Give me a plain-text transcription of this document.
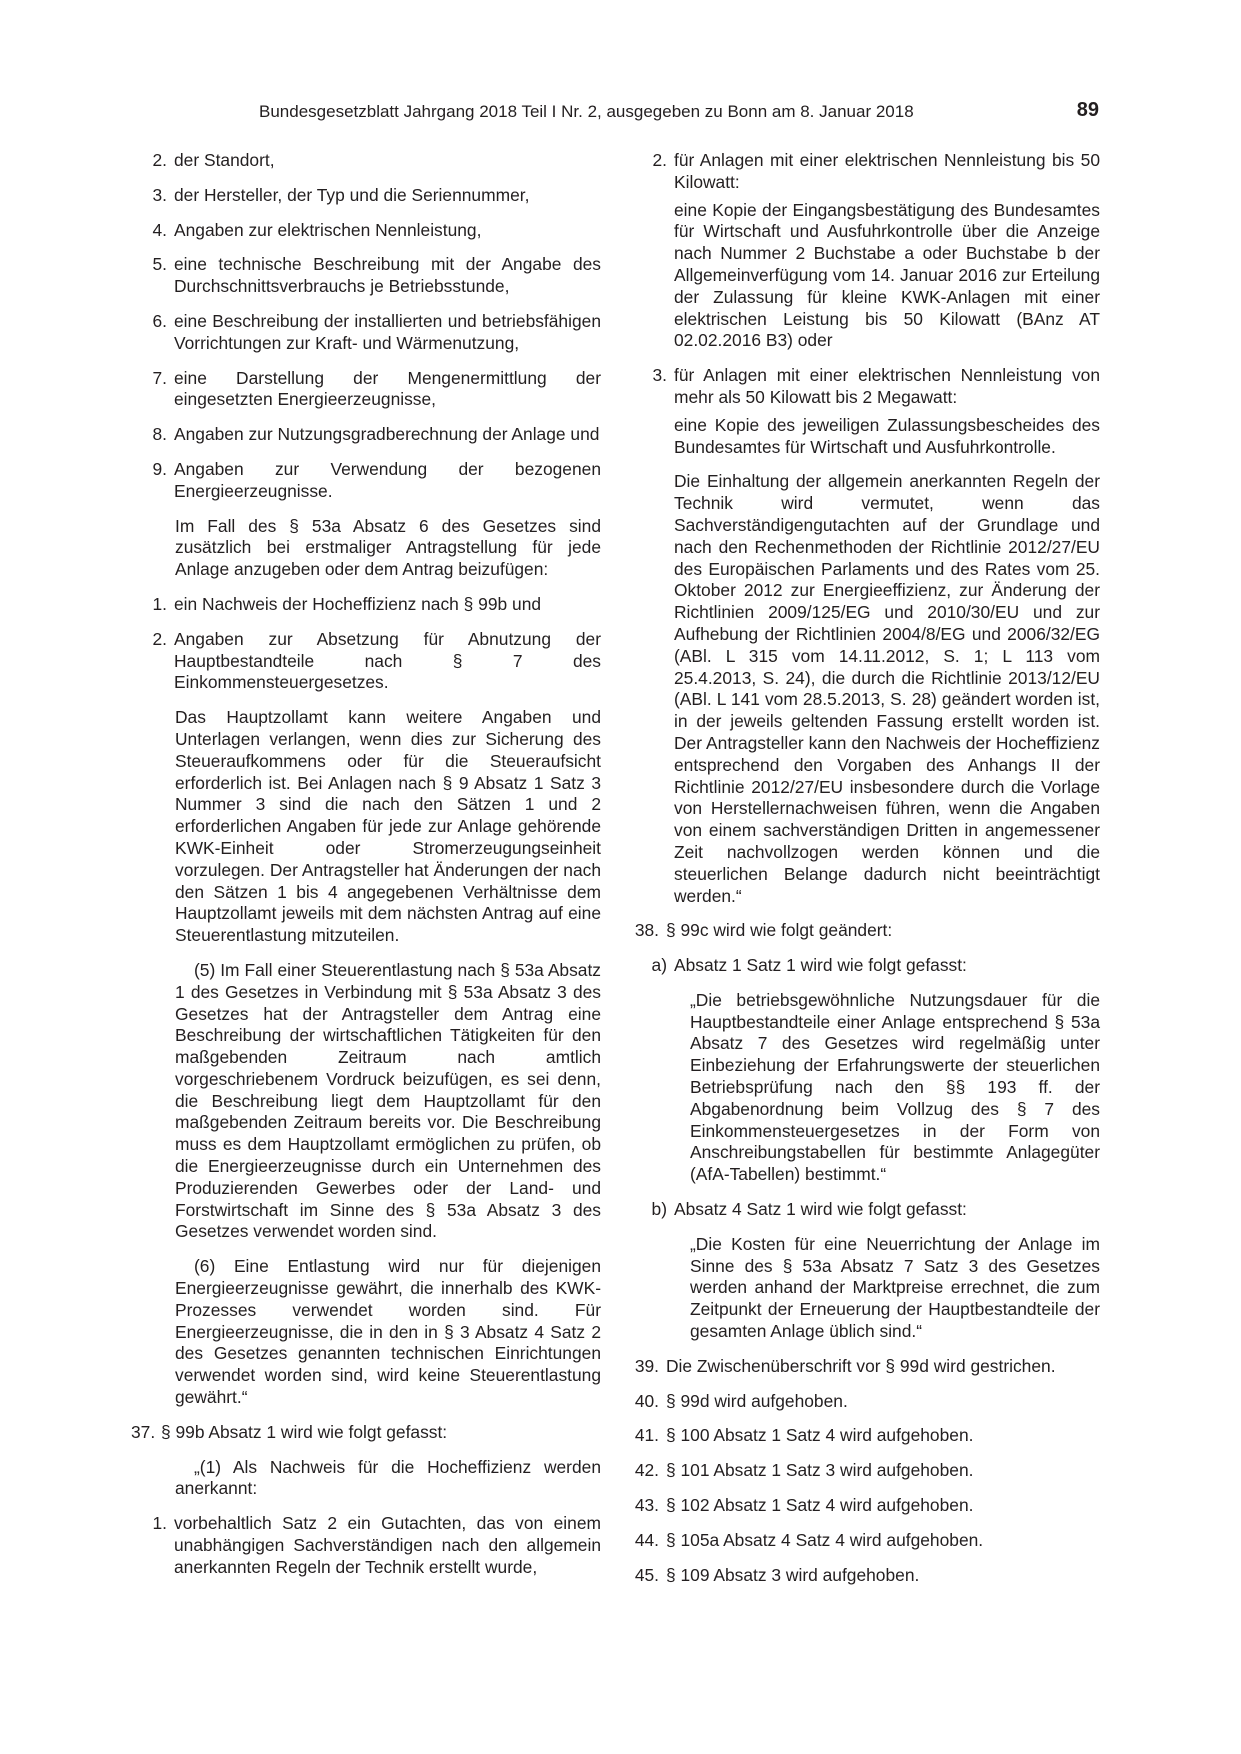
Bundesgesetzblatt Jahrgang 2018 Teil I Nr. 2, ausgegeben zu Bonn am 8. Januar 2018	89
2. der Standort,
3. der Hersteller, der Typ und die Seriennummer,
4. Angaben zur elektrischen Nennleistung,
5. eine technische Beschreibung mit der Angabe des Durchschnittsverbrauchs je Betriebsstunde,
6. eine Beschreibung der installierten und betriebsfähigen Vorrichtungen zur Kraft- und Wärmenutzung,
7. eine Darstellung der Mengenermittlung der eingesetzten Energieerzeugnisse,
8. Angaben zur Nutzungsgradberechnung der Anlage und
9. Angaben zur Verwendung der bezogenen Energieerzeugnisse.
Im Fall des § 53a Absatz 6 des Gesetzes sind zusätzlich bei erstmaliger Antragstellung für jede Anlage anzugeben oder dem Antrag beizufügen:
1. ein Nachweis der Hocheffizienz nach § 99b und
2. Angaben zur Absetzung für Abnutzung der Hauptbestandteile nach § 7 des Einkommensteuergesetzes.
Das Hauptzollamt kann weitere Angaben und Unterlagen verlangen, wenn dies zur Sicherung des Steueraufkommens oder für die Steueraufsicht erforderlich ist. Bei Anlagen nach § 9 Absatz 1 Satz 3 Nummer 3 sind die nach den Sätzen 1 und 2 erforderlichen Angaben für jede zur Anlage gehörende KWK-Einheit oder Stromerzeugungseinheit vorzulegen. Der Antragsteller hat Änderungen der nach den Sätzen 1 bis 4 angegebenen Verhältnisse dem Hauptzollamt jeweils mit dem nächsten Antrag auf eine Steuerentlastung mitzuteilen.
(5) Im Fall einer Steuerentlastung nach § 53a Absatz 1 des Gesetzes in Verbindung mit § 53a Absatz 3 des Gesetzes hat der Antragsteller dem Antrag eine Beschreibung der wirtschaftlichen Tätigkeiten für den maßgebenden Zeitraum nach amtlich vorgeschriebenem Vordruck beizufügen, es sei denn, die Beschreibung liegt dem Hauptzollamt für den maßgebenden Zeitraum bereits vor. Die Beschreibung muss es dem Hauptzollamt ermöglichen zu prüfen, ob die Energieerzeugnisse durch ein Unternehmen des Produzierenden Gewerbes oder der Land- und Forstwirtschaft im Sinne des § 53a Absatz 3 des Gesetzes verwendet worden sind.
(6) Eine Entlastung wird nur für diejenigen Energieerzeugnisse gewährt, die innerhalb des KWK-Prozesses verwendet worden sind. Für Energieerzeugnisse, die in den in § 3 Absatz 4 Satz 2 des Gesetzes genannten technischen Einrichtungen verwendet worden sind, wird keine Steuerentlastung gewährt.“
37. § 99b Absatz 1 wird wie folgt gefasst:
„(1) Als Nachweis für die Hocheffizienz werden anerkannt:
1. vorbehaltlich Satz 2 ein Gutachten, das von einem unabhängigen Sachverständigen nach den allgemein anerkannten Regeln der Technik erstellt wurde,
2. für Anlagen mit einer elektrischen Nennleistung bis 50 Kilowatt:
eine Kopie der Eingangsbestätigung des Bundesamtes für Wirtschaft und Ausfuhrkontrolle über die Anzeige nach Nummer 2 Buchstabe a oder Buchstabe b der Allgemeinverfügung vom 14. Januar 2016 zur Erteilung der Zulassung für kleine KWK-Anlagen mit einer elektrischen Leistung bis 50 Kilowatt (BAnz AT 02.02.2016 B3) oder
3. für Anlagen mit einer elektrischen Nennleistung von mehr als 50 Kilowatt bis 2 Megawatt:
eine Kopie des jeweiligen Zulassungsbescheides des Bundesamtes für Wirtschaft und Ausfuhrkontrolle.
Die Einhaltung der allgemein anerkannten Regeln der Technik wird vermutet, wenn das Sachverständigengutachten auf der Grundlage und nach den Rechenmethoden der Richtlinie 2012/27/EU des Europäischen Parlaments und des Rates vom 25. Oktober 2012 zur Energieeffizienz, zur Änderung der Richtlinien 2009/125/EG und 2010/30/EU und zur Aufhebung der Richtlinien 2004/8/EG und 2006/32/EG (ABl. L 315 vom 14.11.2012, S. 1; L 113 vom 25.4.2013, S. 24), die durch die Richtlinie 2013/12/EU (ABl. L 141 vom 28.5.2013, S. 28) geändert worden ist, in der jeweils geltenden Fassung erstellt worden ist. Der Antragsteller kann den Nachweis der Hocheffizienz entsprechend den Vorgaben des Anhangs II der Richtlinie 2012/27/EU insbesondere durch die Vorlage von Herstellernachweisen führen, wenn die Angaben von einem sachverständigen Dritten in angemessener Zeit nachvollzogen werden können und die steuerlichen Belange dadurch nicht beeinträchtigt werden.“
38. § 99c wird wie folgt geändert:
a) Absatz 1 Satz 1 wird wie folgt gefasst:
„Die betriebsgewöhnliche Nutzungsdauer für die Hauptbestandteile einer Anlage entsprechend § 53a Absatz 7 des Gesetzes wird regelmäßig unter Einbeziehung der Erfahrungswerte der steuerlichen Betriebsprüfung nach den §§ 193 ff. der Abgabenordnung beim Vollzug des § 7 des Einkommensteuergesetzes in der Form von Anschreibungstabellen für bestimmte Anlagegüter (AfA-Tabellen) bestimmt.“
b) Absatz 4 Satz 1 wird wie folgt gefasst:
„Die Kosten für eine Neuerrichtung der Anlage im Sinne des § 53a Absatz 7 Satz 3 des Gesetzes werden anhand der Marktpreise errechnet, die zum Zeitpunkt der Erneuerung der Hauptbestandteile der gesamten Anlage üblich sind.“
39. Die Zwischenüberschrift vor § 99d wird gestrichen.
40. § 99d wird aufgehoben.
41. § 100 Absatz 1 Satz 4 wird aufgehoben.
42. § 101 Absatz 1 Satz 3 wird aufgehoben.
43. § 102 Absatz 1 Satz 4 wird aufgehoben.
44. § 105a Absatz 4 Satz 4 wird aufgehoben.
45. § 109 Absatz 3 wird aufgehoben.
